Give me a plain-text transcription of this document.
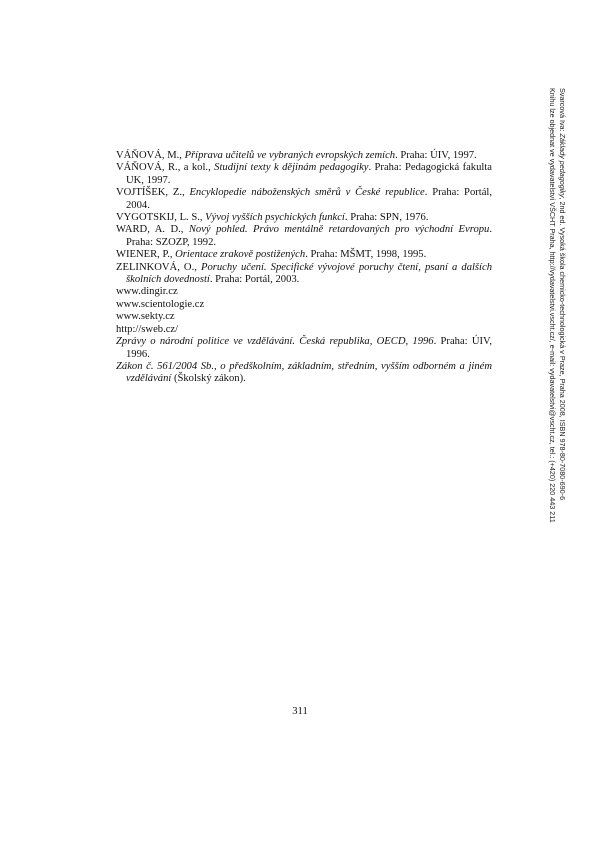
VÁŇOVÁ, M., Příprava učitelů ve vybraných evropských zemích. Praha: ÚIV, 1997.
VÁŇOVÁ, R., a kol., Studijní texty k dějinám pedagogiky. Praha: Pedagogická fakulta UK, 1997.
VOJTÍŠEK, Z., Encyklopedie náboženských směrů v České republice. Praha: Portál, 2004.
VYGOTSKIJ, L. S., Vývoj vyšších psychických funkcí. Praha: SPN, 1976.
WARD, A. D., Nový pohled. Právo mentálně retardovaných pro východní Evropu. Praha: SZOZP, 1992.
WIENER, P., Orientace zrakově postižených. Praha: MŠMT, 1998, 1995.
ZELINKOVÁ, O., Poruchy učení. Specifické vývojové poruchy čtení, psaní a dalších školních dovedností. Praha: Portál, 2003.
www.dingir.cz
www.scientologie.cz
www.sekty.cz
http://sweb.cz/
Zprávy o národní politice ve vzdělávání. Česká republika, OECD, 1996. Praha: ÚIV, 1996.
Zákon č. 561/2004 Sb., o předškolním, základním, středním, vyšším odborném a jiném vzdělávání (Školský zákon).
311
Svarcová Iva: Základy pedagogiky, 2nd ed. Vysoká škola chemicko-technologická v Praze, Praha 2008, ISBN 978-80-7080-690-6
Knihu lze objednat ve vydavatelství VŠCHT Praha, http://vydavatelstvi.vscht.cz/, e-mail: vydavatelstvi@vscht.cz, tel.: (+420) 220 443 211
